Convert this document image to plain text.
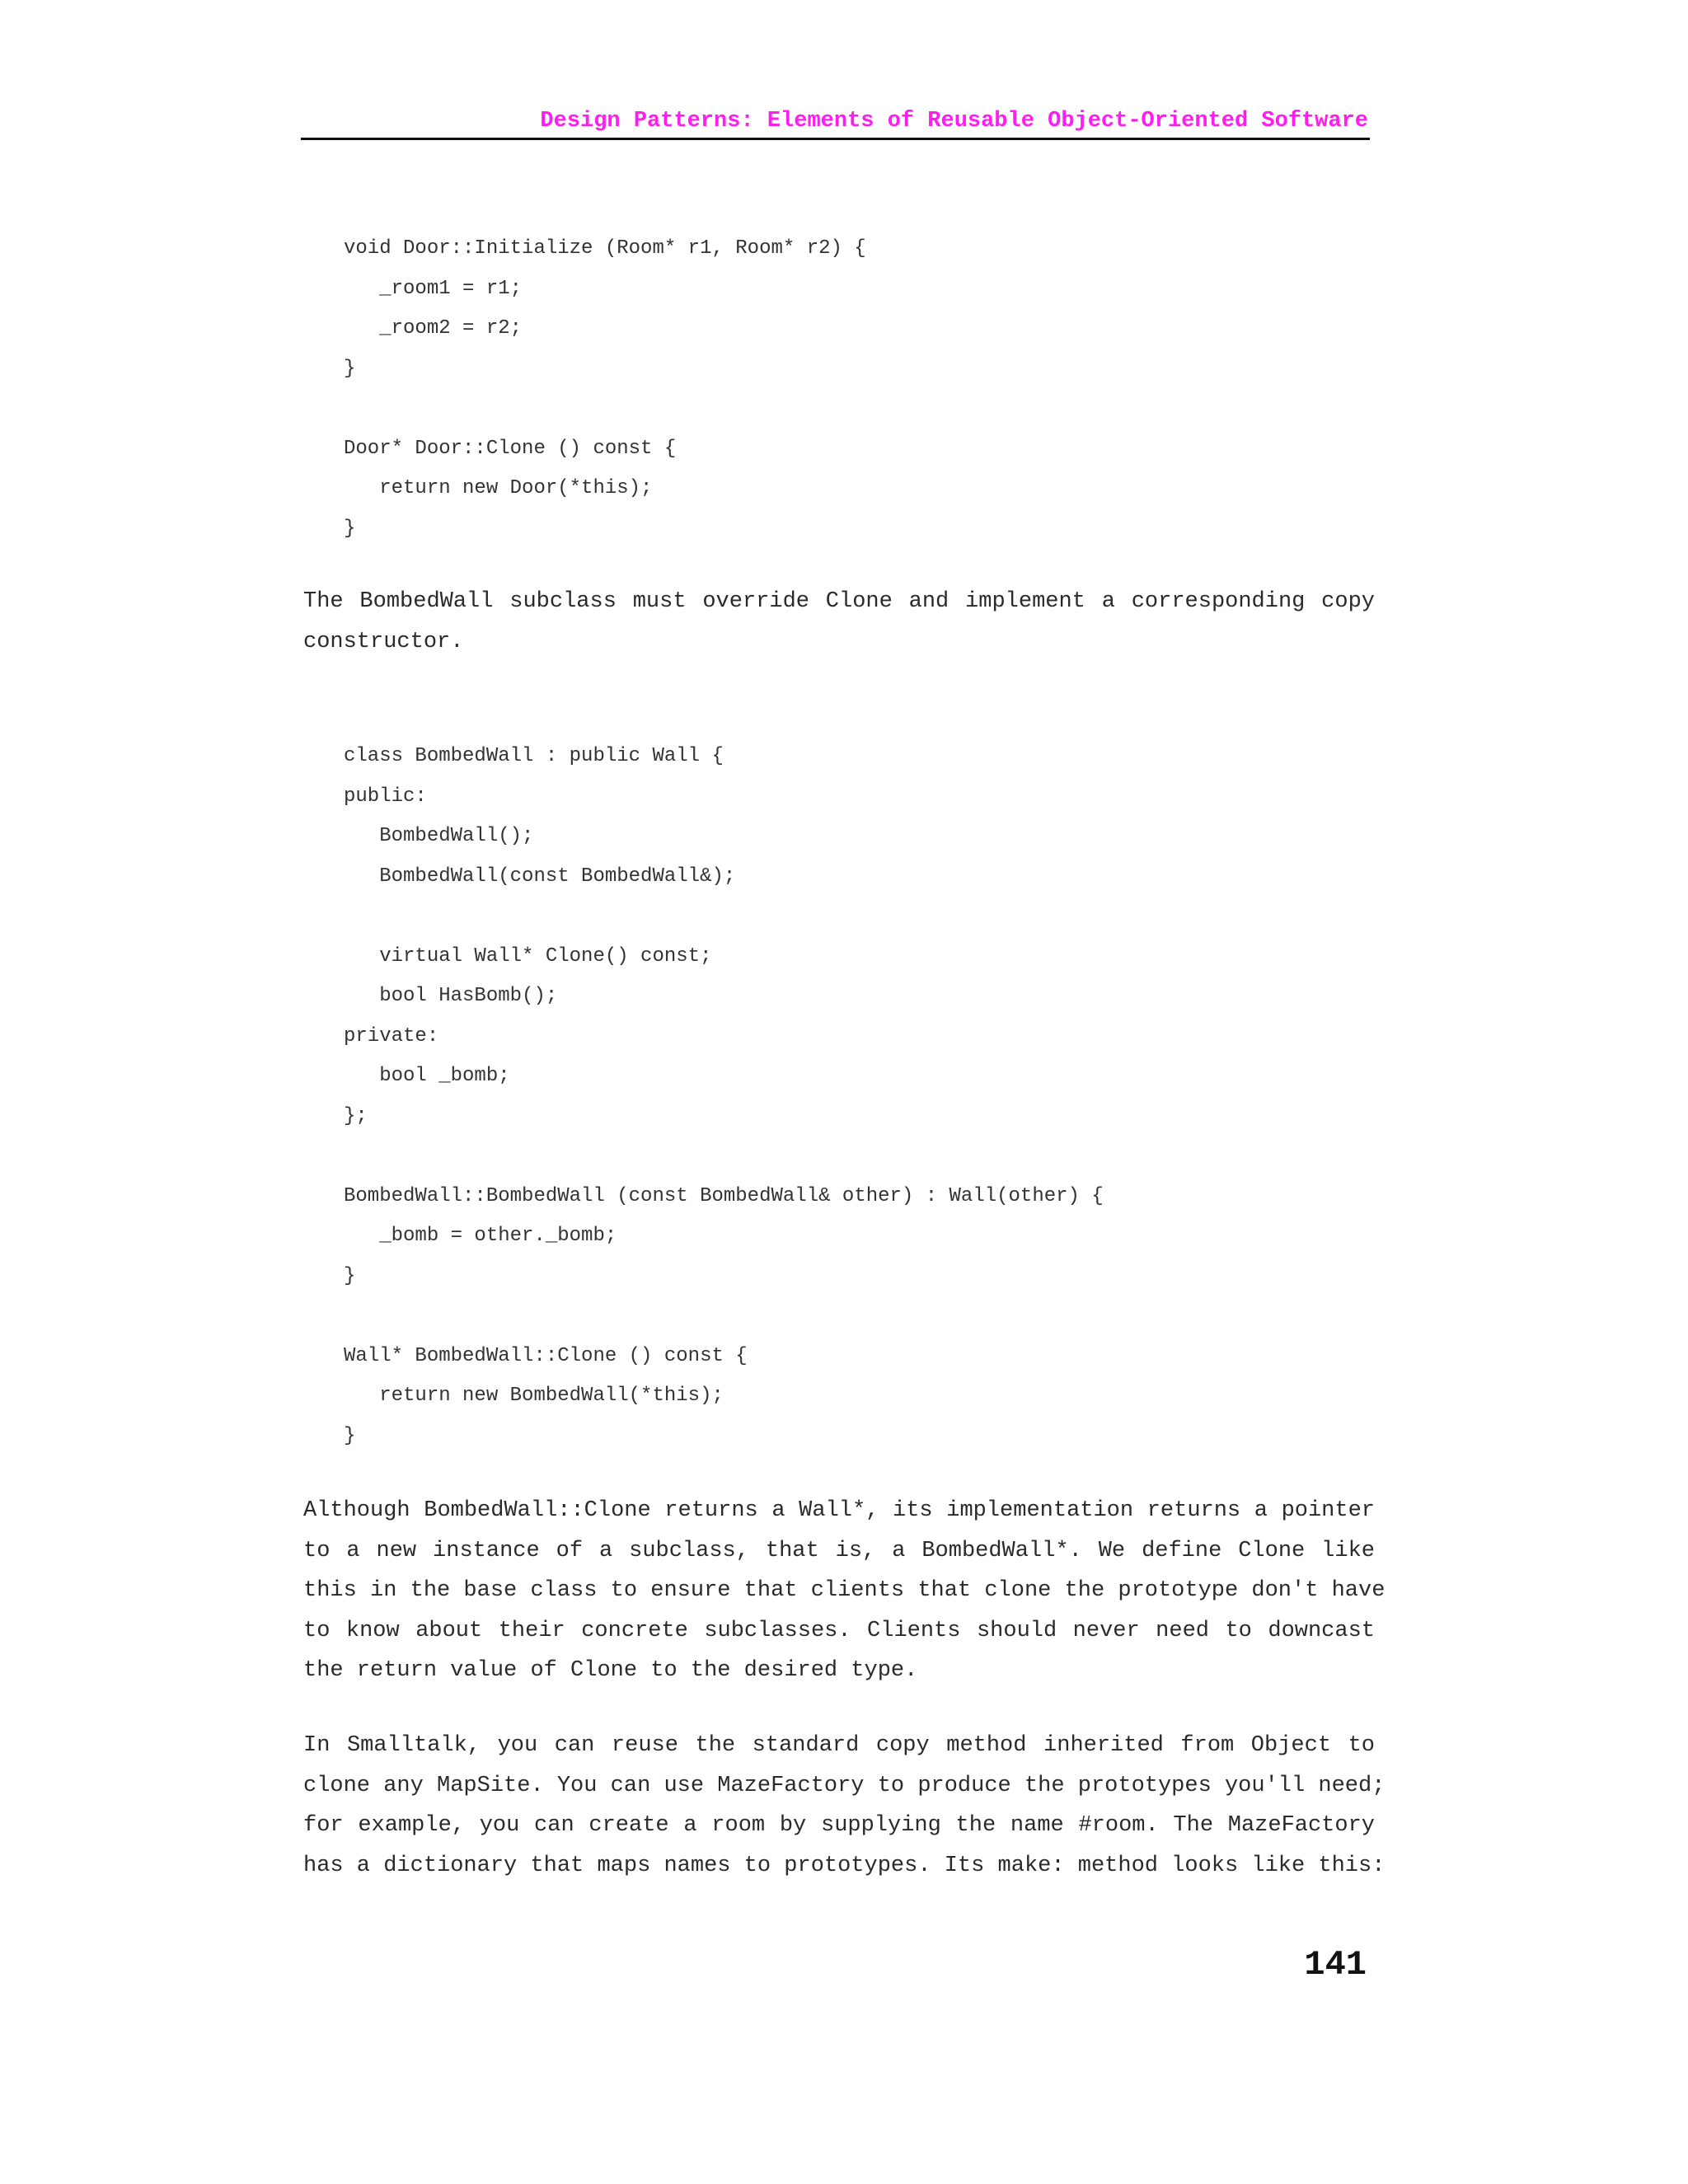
Design Patterns: Elements of Reusable Object-Oriented Software
void Door::Initialize (Room* r1, Room* r2) {
_room1 = r1;
_room2 = r2;
}
Door* Door::Clone () const {
return new Door(*this);
}
The BombedWall subclass must override Clone and implement a corresponding copy
constructor.
class BombedWall : public Wall {
public:
BombedWall();
BombedWall(const BombedWall&);
virtual Wall* Clone() const;
bool HasBomb();
private:
bool _bomb;
};
BombedWall::BombedWall (const BombedWall& other) : Wall(other) {
_bomb = other._bomb;
}
Wall* BombedWall::Clone () const {
return new BombedWall(*this);
}
Although BombedWall::Clone returns a Wall*, its implementation returns a pointer
to a new instance of a subclass, that is, a BombedWall*. We define Clone like
this in the base class to ensure that clients that clone the prototype don't have
to know about their concrete subclasses. Clients should never need to downcast
the return value of Clone to the desired type.
In Smalltalk, you can reuse the standard copy method inherited from Object to
clone any MapSite. You can use MazeFactory to produce the prototypes you'll need;
for example, you can create a room by supplying the name #room. The MazeFactory
has a dictionary that maps names to prototypes. Its make: method looks like this:
141
